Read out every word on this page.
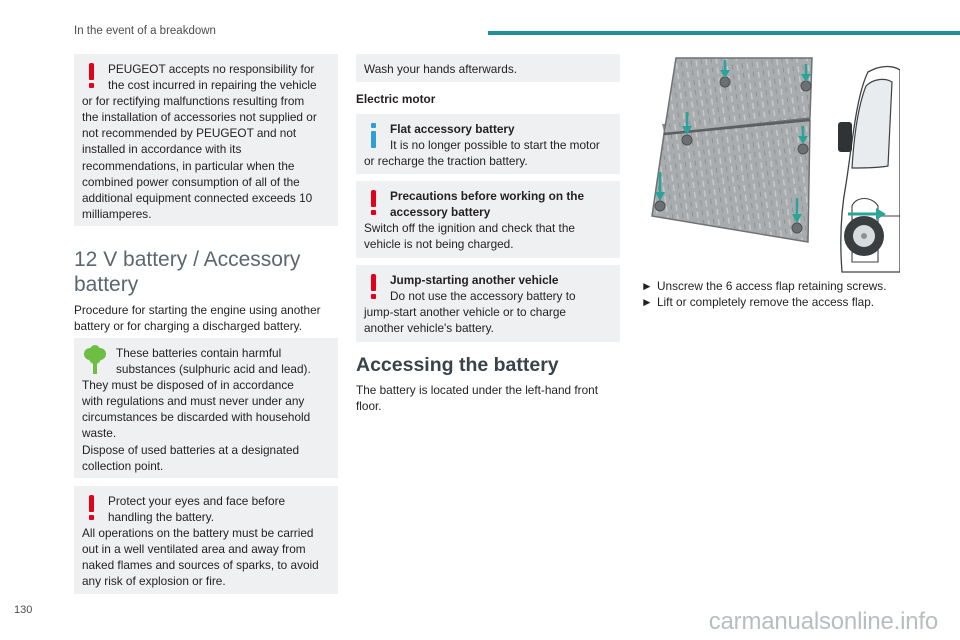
In the event of a breakdown

PEUGEOT accepts no responsibility for
the cost incurred in repairing the vehicle
or for rectifying malfunctions resulting from
the installation of accessories not supplied or
not recommended by PEUGEOT and not
installed in accordance with its
recommendations, in particular when the
combined power consumption of all of the
additional equipment connected exceeds 10
milliamperes.

12 V battery / Accessory
battery
Procedure for starting the engine using another
battery or for charging a discharged battery.

These batteries contain harmful
substances (sulphuric acid and lead).
They must be disposed of in accordance
with regulations and must never under any
circumstances be discarded with household
waste.
Dispose of used batteries at a designated
collection point.

Protect your eyes and face before
handling the battery.
All operations on the battery must be carried
out in a well ventilated area and away from
naked flames and sources of sparks, to avoid
any risk of explosion or fire.

Wash your hands afterwards.

Electric motor

Flat accessory battery
It is no longer possible to start the motor
or recharge the traction battery.

Precautions before working on the
accessory battery
Switch off the ignition and check that the
vehicle is not being charged.

Jump-starting another vehicle
Do not use the accessory battery to
jump-start another vehicle or to charge
another vehicle's battery.

Accessing the battery
The battery is located under the left-hand front
floor.
► Unscrew the 6 access flap retaining screws.
► Lift or completely remove the access flap.
130	carmanualsonline.info
